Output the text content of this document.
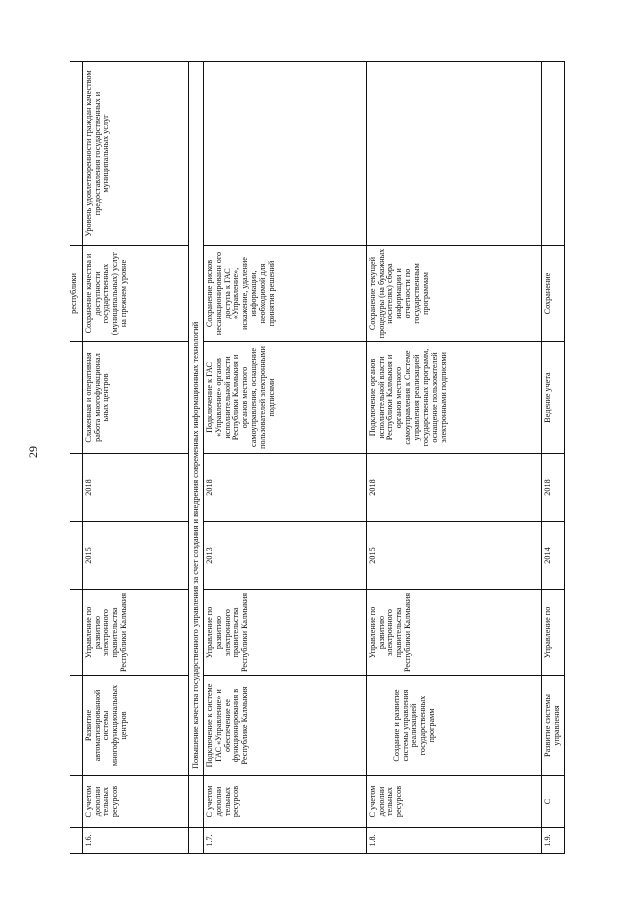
29
							республики	
1.6.	С учетом дополни тельных ресурсов	Развитие автоматизированной системы многофункциональных центров	Управление по развитию электронного правительства Республики Калмыкия	2015	2018	Слаженная и оперативная работа многофункционал ьных центров	Сохранение качества и доступности государственных (муниципальных) услуг на прежнем уровне	Уровень удовлетворенности граждан качеством предоставления государственных и муниципальных услуг
		Повышение качества государственного управления за счет создания и внедрения современных информационных технологий						
1.7.	С учетом дополни тельных ресурсов	Подключение к системе ГАС «Управление» и обеспечение ее функционирования в Республике Калмыкия	Управление по развитию электронного правительства Республики Калмыкия	2013	2018	Подключение к ГАС «Управление» органов исполнительной власти Республики Калмыкия и органов местного самоуправления, оснащение пользователей электронными подписями	Сохранение рисков несанкционированн ого доступа к ГАС «Управление», искажение, удаление информации, необходимой для принятия решений	
1.8.	С учетом дополни тельных ресурсов	Создание и развитие системы управления реализацией государственных программ	Управление по развитию электронного правительства Республики Калмыкия	2015	2018	Подключение органов исполнительной власти Республики Калмыкия и органов местного самоуправления к Системе управления реализацией государственных программ, оснащение пользователей электронными подписями	Сохранение текущей процедуры (на бумажных носителях) сбора информации и отчетности по государственным программам	
1.9.	С	Развитие системы управления	Управление по	2014	2018	Ведение учета	Сохранение	
